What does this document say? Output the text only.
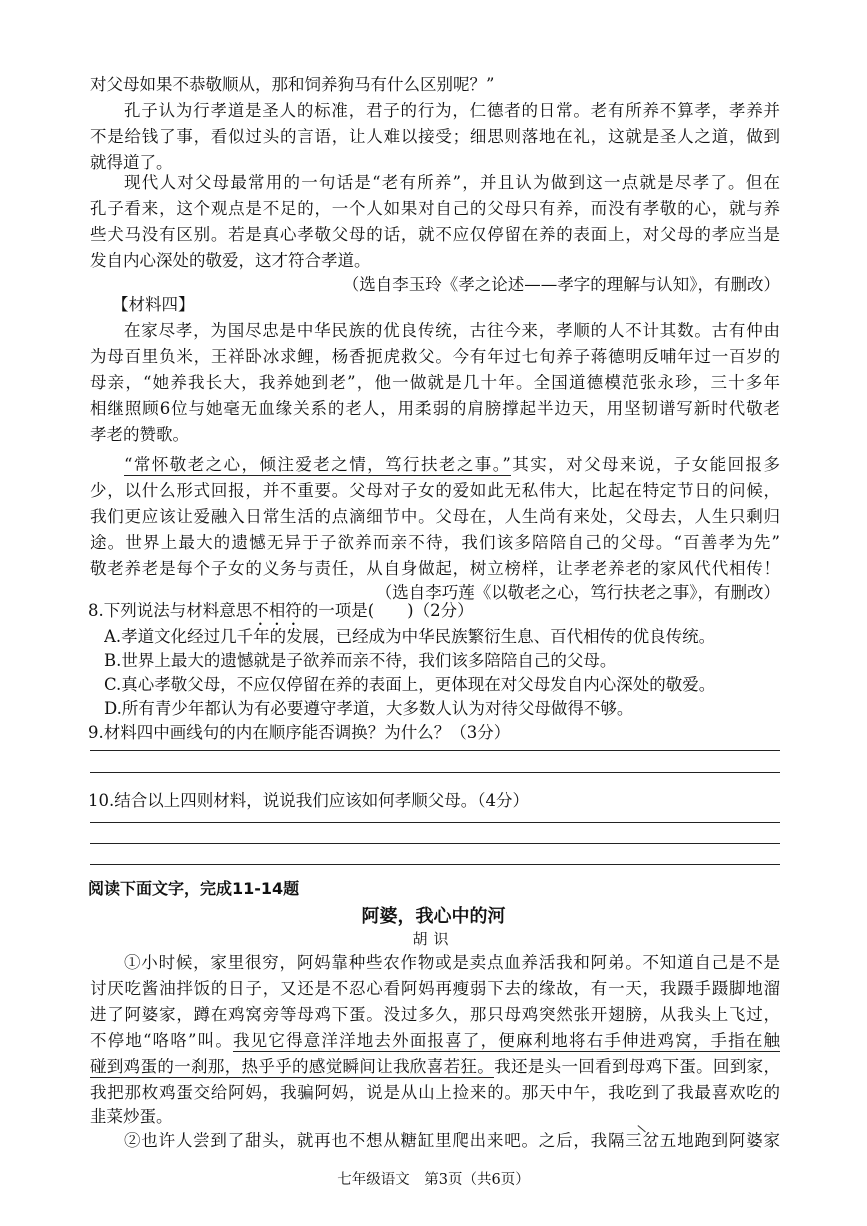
对父母如果不恭敬顺从，那和饲养狗马有什么区别呢？”
孔子认为行孝道是圣人的标准，君子的行为，仁德者的日常。老有所养不算孝，孝养并
不是给钱了事，看似过头的言语，让人难以接受；细思则落地在礼，这就是圣人之道，做到
就得道了。
现代人对父母最常用的一句话是“老有所养”，并且认为做到这一点就是尽孝了。但在
孔子看来，这个观点是不足的，一个人如果对自己的父母只有养，而没有孝敬的心，就与养
些犬马没有区别。若是真心孝敬父母的话，就不应仅停留在养的表面上，对父母的孝应当是
发自内心深处的敬爱，这才符合孝道。
（选自李玉玲《孝之论述——孝字的理解与认知》，有删改）
【材料四】
在家尽孝，为国尽忠是中华民族的优良传统，古往今来，孝顺的人不计其数。古有仲由
为母百里负米，王祥卧冰求鲤，杨香扼虎救父。今有年过七旬养子蒋德明反哺年过一百岁的
母亲，“她养我长大，我养她到老”，他一做就是几十年。全国道德模范张永珍，三十多年
相继照顾6位与她毫无血缘关系的老人，用柔弱的肩膀撑起半边天，用坚韧谱写新时代敬老
孝老的赞歌。
“常怀敬老之心，倾注爱老之情，笃行扶老之事。”其实，对父母来说，子女能回报多
少，以什么形式回报，并不重要。父母对子女的爱如此无私伟大，比起在特定节日的问候，
我们更应该让爱融入日常生活的点滴细节中。父母在，人生尚有来处，父母去，人生只剩归
途。世界上最大的遗憾无异于子欲养而亲不待，我们该多陪陪自己的父母。“百善孝为先”
敬老养老是每个子女的义务与责任，从自身做起，树立榜样，让孝老养老的家风代代相传！
（选自李巧莲《以敬老之心，笃行扶老之事》，有删改）
8.下列说法与材料意思不相符的一项是(　　)（2分）
A.孝道文化经过几千年的发展，已经成为中华民族繁衍生息、百代相传的优良传统。
B.世界上最大的遗憾就是子欲养而亲不待，我们该多陪陪自己的父母。
C.真心孝敬父母，不应仅停留在养的表面上，更体现在对父母发自内心深处的敬爱。
D.所有青少年都认为有必要遵守孝道，大多数人认为对待父母做得不够。
9.材料四中画线句的内在顺序能否调换？为什么？（3分）
10.结合以上四则材料，说说我们应该如何孝顺父母。（4分）
阅读下面文字，完成11-14题
阿婆，我心中的河
胡识
①小时候，家里很穷，阿妈靠种些农作物或是卖点血养活我和阿弟。不知道自己是不是
讨厌吃酱油拌饭的日子，又还是不忍心看阿妈再瘦弱下去的缘故，有一天，我蹑手蹑脚地溜
进了阿婆家，蹲在鸡窝旁等母鸡下蛋。没过多久，那只母鸡突然张开翅膀，从我头上飞过，
不停地“咯咯”叫。我见它得意洋洋地去外面报喜了，便麻利地将右手伸进鸡窝，手指在触
碰到鸡蛋的一刹那，热乎乎的感觉瞬间让我欣喜若狂。我还是头一回看到母鸡下蛋。回到家，
我把那枚鸡蛋交给阿妈，我骗阿妈，说是从山上捡来的。那天中午，我吃到了我最喜欢吃的
韭菜炒蛋。
②也许人尝到了甜头，就再也不想从糖缸里爬出来吧。之后，我隔三岔五地跑到阿婆家
七年级语文　第3页（共6页）
